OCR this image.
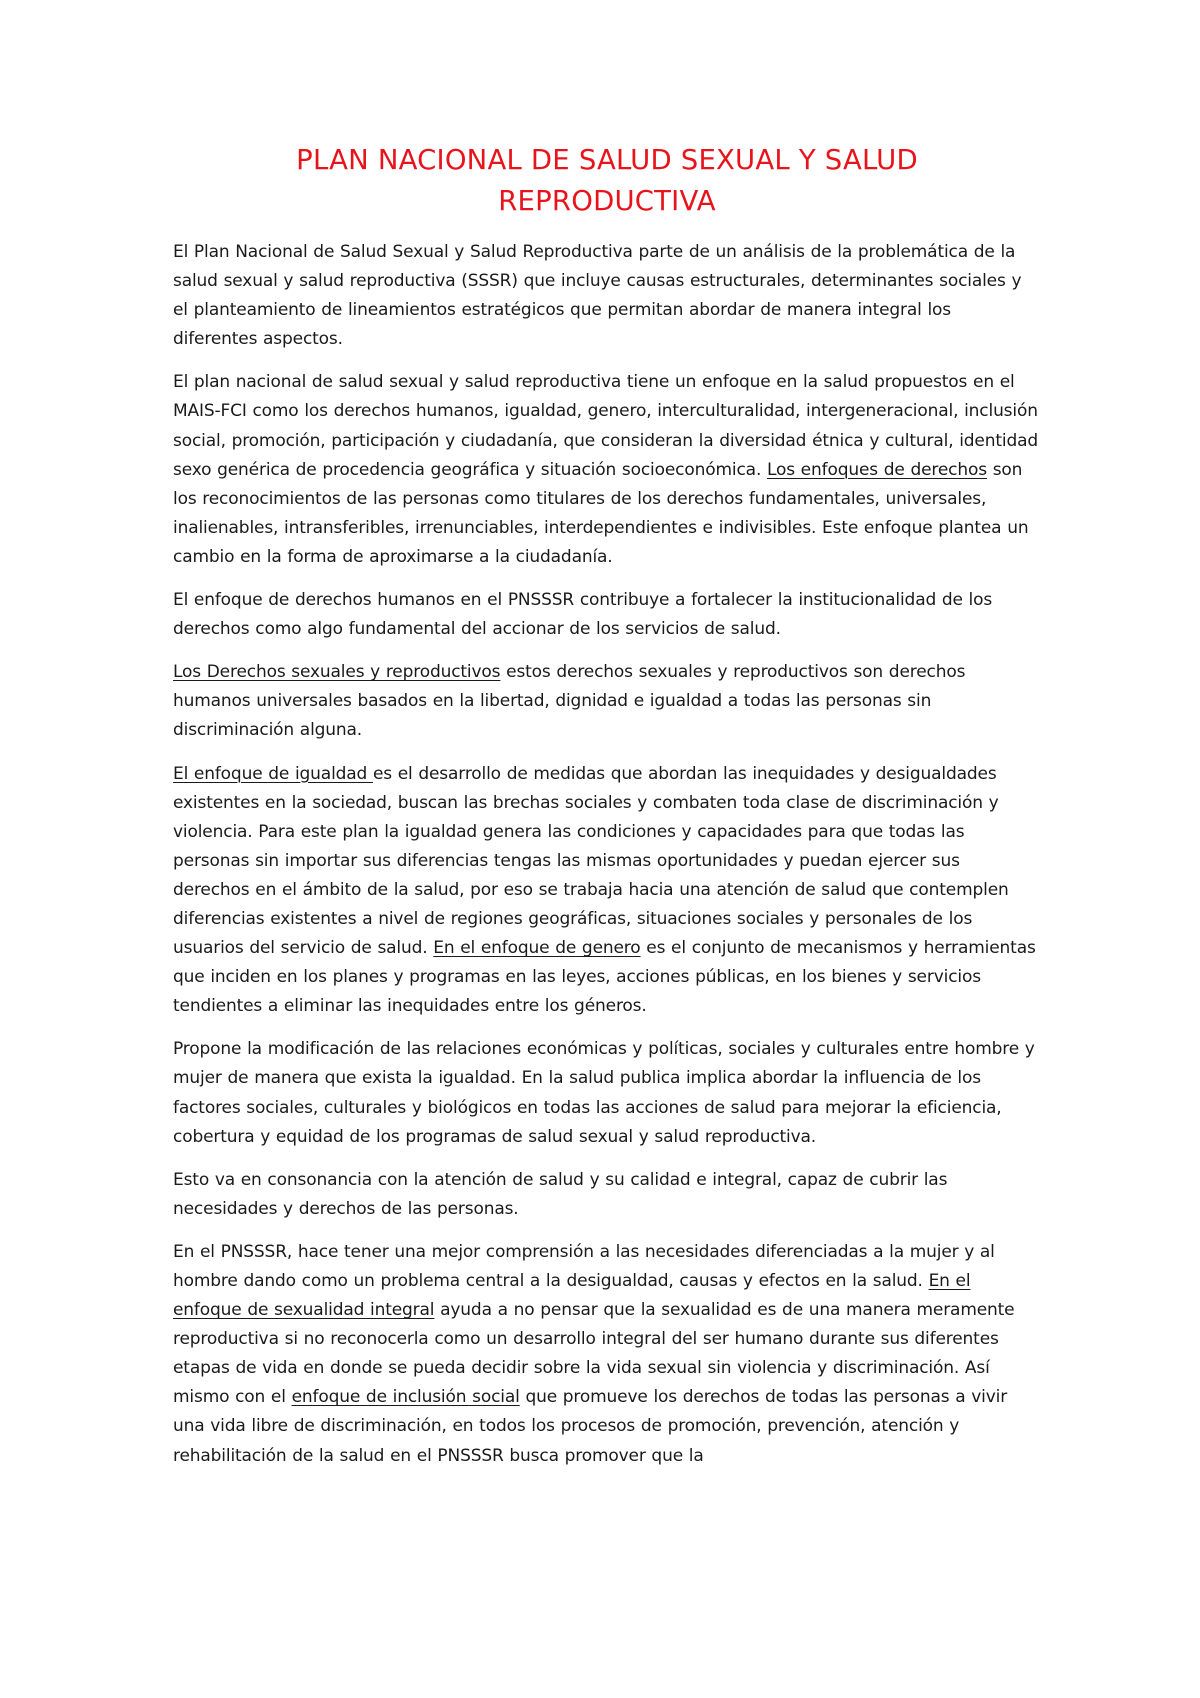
PLAN NACIONAL DE SALUD SEXUAL Y SALUD
REPRODUCTIVA

El Plan Nacional de Salud Sexual y Salud Reproductiva parte de un análisis de la problemática de la salud sexual y salud reproductiva (SSSR) que incluye causas estructurales, determinantes sociales y el planteamiento de lineamientos estratégicos que permitan abordar de manera integral los diferentes aspectos.

El plan nacional de salud sexual y salud reproductiva tiene un enfoque en la salud propuestos en el MAIS-FCI como los derechos humanos, igualdad, genero, interculturalidad, intergeneracional, inclusión social, promoción, participación y ciudadanía, que consideran la diversidad étnica y cultural, identidad sexo genérica de procedencia geográfica y situación socioeconómica. Los enfoques de derechos son los reconocimientos de las personas como titulares de los derechos fundamentales, universales, inalienables, intransferibles, irrenunciables, interdependientes e indivisibles. Este enfoque plantea un cambio en la forma de aproximarse a la ciudadanía.

El enfoque de derechos humanos en el PNSSSR contribuye a fortalecer la institucionalidad de los derechos como algo fundamental del accionar de los servicios de salud.

Los Derechos sexuales y reproductivos estos derechos sexuales y reproductivos son derechos humanos universales basados en la libertad, dignidad e igualdad a todas las personas sin discriminación alguna.

El enfoque de igualdad es el desarrollo de medidas que abordan las inequidades y desigualdades existentes en la sociedad, buscan las brechas sociales y combaten toda clase de discriminación y violencia. Para este plan la igualdad genera las condiciones y capacidades para que todas las personas sin importar sus diferencias tengas las mismas oportunidades y puedan ejercer sus derechos en el ámbito de la salud, por eso se trabaja hacia una atención de salud que contemplen diferencias existentes a nivel de regiones geográficas, situaciones sociales y personales de los usuarios del servicio de salud. En el enfoque de genero es el conjunto de mecanismos y herramientas que inciden en los planes y programas en las leyes, acciones públicas, en los bienes y servicios tendientes a eliminar las inequidades entre los géneros.

Propone la modificación de las relaciones económicas y políticas, sociales y culturales entre hombre y mujer de manera que exista la igualdad. En la salud publica implica abordar la influencia de los factores sociales, culturales y biológicos en todas las acciones de salud para mejorar la eficiencia, cobertura y equidad de los programas de salud sexual y salud reproductiva.

Esto va en consonancia con la atención de salud y su calidad e integral, capaz de cubrir las necesidades y derechos de las personas.

En el PNSSSR, hace tener una mejor comprensión a las necesidades diferenciadas a la mujer y al hombre dando como un problema central a la desigualdad, causas y efectos en la salud. En el enfoque de sexualidad integral ayuda a no pensar que la sexualidad es de una manera meramente reproductiva si no reconocerla como un desarrollo integral del ser humano durante sus diferentes etapas de vida en donde se pueda decidir sobre la vida sexual sin violencia y discriminación. Así mismo con el enfoque de inclusión social que promueve los derechos de todas las personas a vivir una vida libre de discriminación, en todos los procesos de promoción, prevención, atención y rehabilitación de la salud en el PNSSSR busca promover que la
